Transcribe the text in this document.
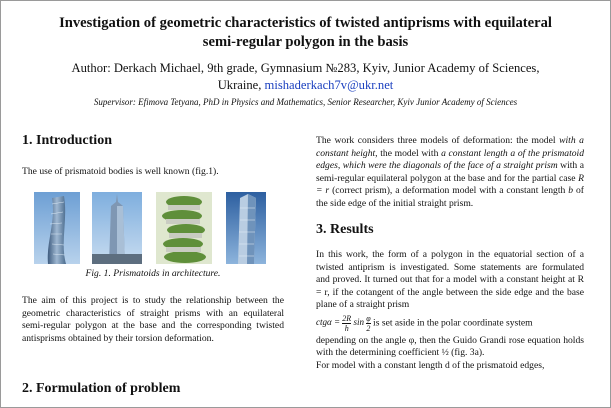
Investigation of geometric characteristics of twisted antiprisms with equilateral
semi-regular polygon in the basis
Author: Derkach Michael, 9th grade, Gymnasium №283, Kyiv, Junior Academy of Sciences,
Ukraine, mishaderkach7v@ukr.net
Supervisor: Efimova Tetyana, PhD in Physics and Mathematics, Senior Researcher, Kyiv Junior Academy of Sciences
1. Introduction

The use of prismatoid bodies is well known (fig.1).

Fig. 1. Prismatoids in architecture.

The aim of this project is to study the relationship between the geometric characteristics of straight prisms with an equilateral semi-regular polygon at the base and the corresponding twisted antisprisms obtained by their torsion deformation.

2. Formulation of problem

The work considers three models of deformation: the model with a constant height, the model with a constant length a of the prismatoid edges, which were the diagonals of the face of a straight prism with a semi-regular equilateral polygon at the base and for the partial case R = r (correct prism), a deformation model with a constant length b of the side edge of the initial straight prism.

3. Results

In this work, the form of a polygon in the equatorial section of a twisted antiprism is investigated. Some statements are formulated and proved. It turned out that for a model with a constant height at R = r, if the cotangent of the angle between the side edge and the base plane of a straight prism

$ctg\alpha = \frac{2R}{h}$ $\sin \frac{\varphi}{2}$ is set aside in the polar coordinate system

depending on the angle φ, then the Guido Grandi rose equation holds with the determining coefficient ½ (fig. 3a).

For model with a constant length d of the prismatoid edges,
